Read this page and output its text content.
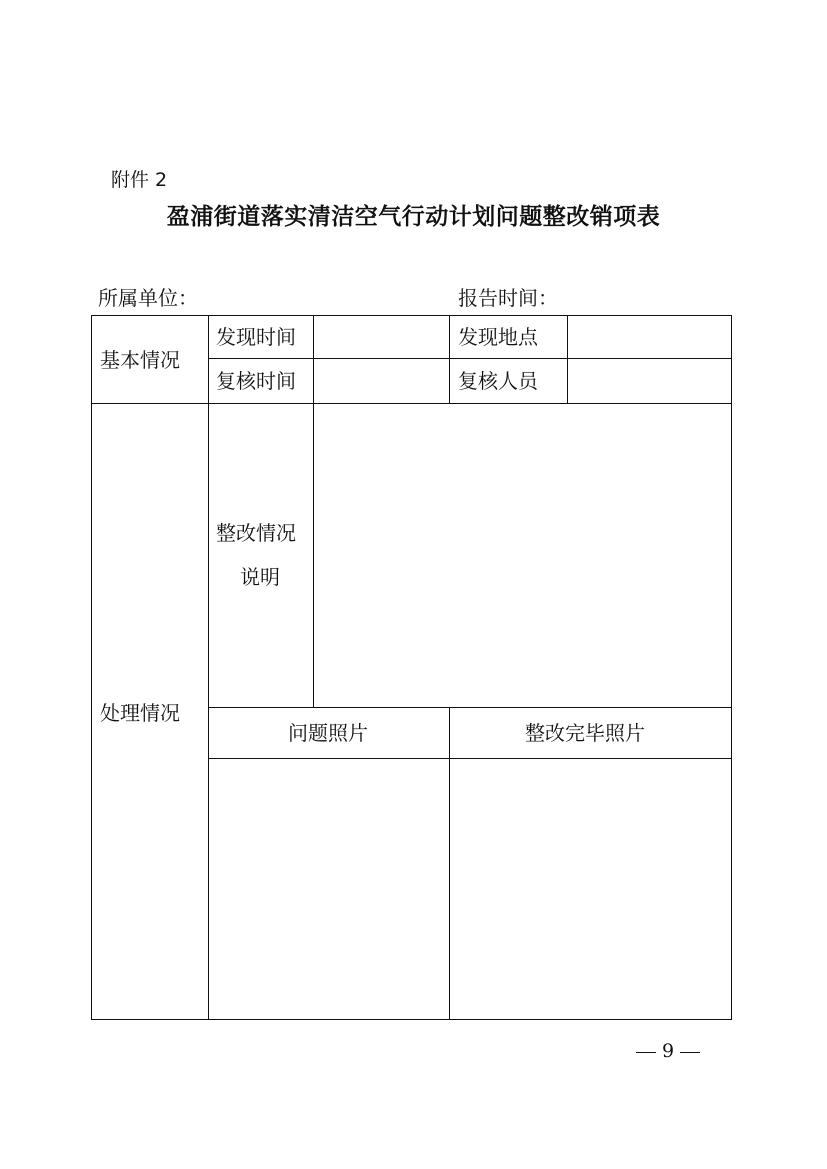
附件 2
盈浦街道落实清洁空气行动计划问题整改销项表
所属单位：	报告时间：
基本情况
发现时间	发现地点
复核时间	复核人员
处理情况
整改情况
说明
问题照片	整改完毕照片
9
